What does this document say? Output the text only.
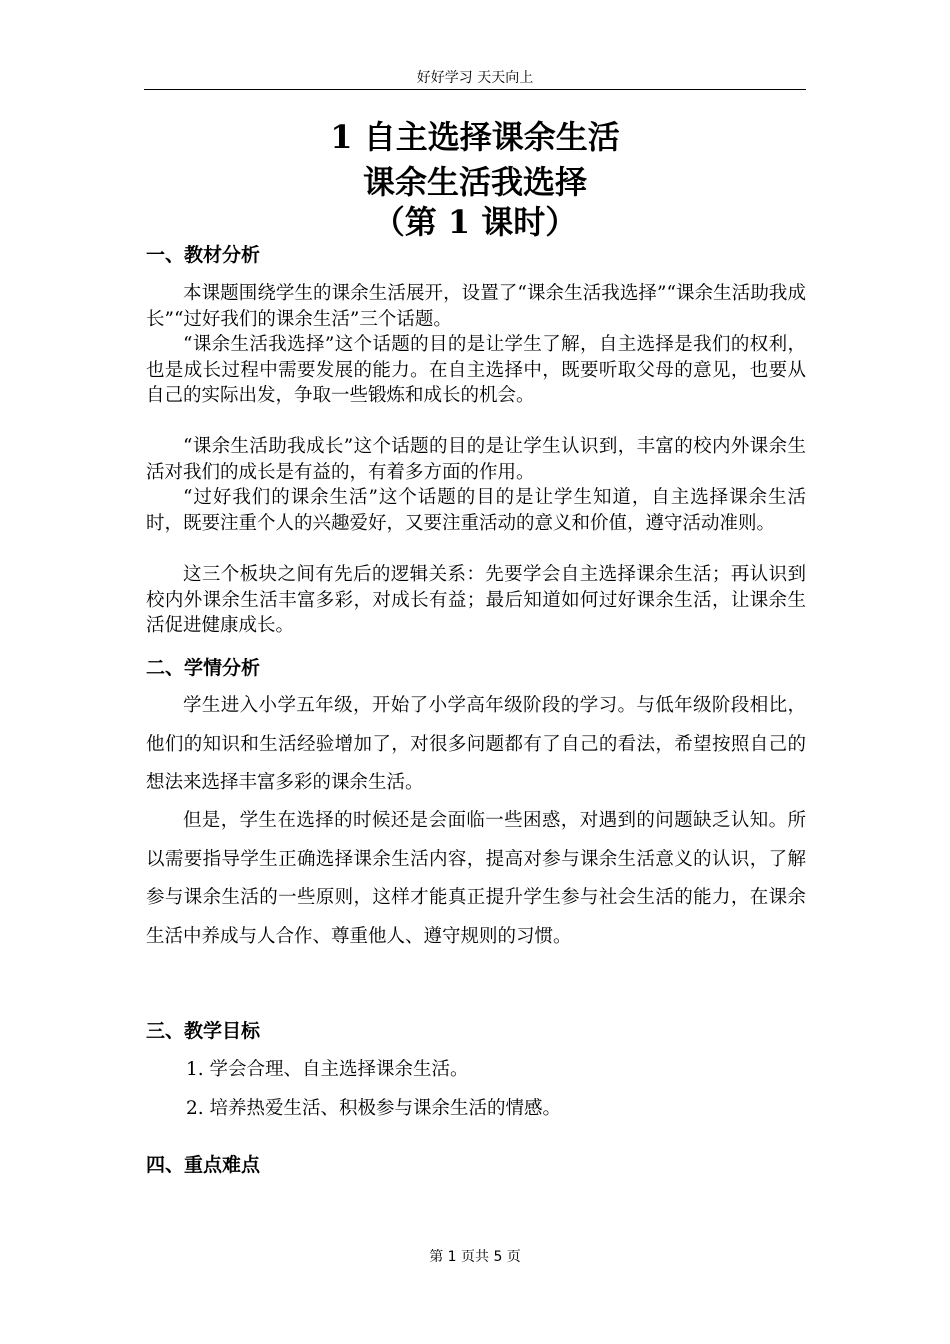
好好学习 天天向上
1 自主选择课余生活
课余生活我选择
（第 1 课时）
一、教材分析

本课题围绕学生的课余生活展开，设置了“课余生活我选择”“课余生活助我成长”“过好我们的课余生活”三个话题。

“课余生活我选择”这个话题的目的是让学生了解，自主选择是我们的权利，也是成长过程中需要发展的能力。在自主选择中，既要听取父母的意见，也要从自己的实际出发，争取一些锻炼和成长的机会。

“课余生活助我成长”这个话题的目的是让学生认识到，丰富的校内外课余生活对我们的成长是有益的，有着多方面的作用。

“过好我们的课余生活”这个话题的目的是让学生知道，自主选择课余生活时，既要注重个人的兴趣爱好，又要注重活动的意义和价值，遵守活动准则。

这三个板块之间有先后的逻辑关系：先要学会自主选择课余生活；再认识到校内外课余生活丰富多彩，对成长有益；最后知道如何过好课余生活，让课余生活促进健康成长。

二、学情分析

学生进入小学五年级，开始了小学高年级阶段的学习。与低年级阶段相比，他们的知识和生活经验增加了，对很多问题都有了自己的看法，希望按照自己的想法来选择丰富多彩的课余生活。

但是，学生在选择的时候还是会面临一些困惑，对遇到的问题缺乏认知。所以需要指导学生正确选择课余生活内容，提高对参与课余生活意义的认识，了解参与课余生活的一些原则，这样才能真正提升学生参与社会生活的能力，在课余生活中养成与人合作、尊重他人、遵守规则的习惯。

三、教学目标

1. 学会合理、自主选择课余生活。

2. 培养热爱生活、积极参与课余生活的情感。

四、重点难点
第 1 页共 5 页
